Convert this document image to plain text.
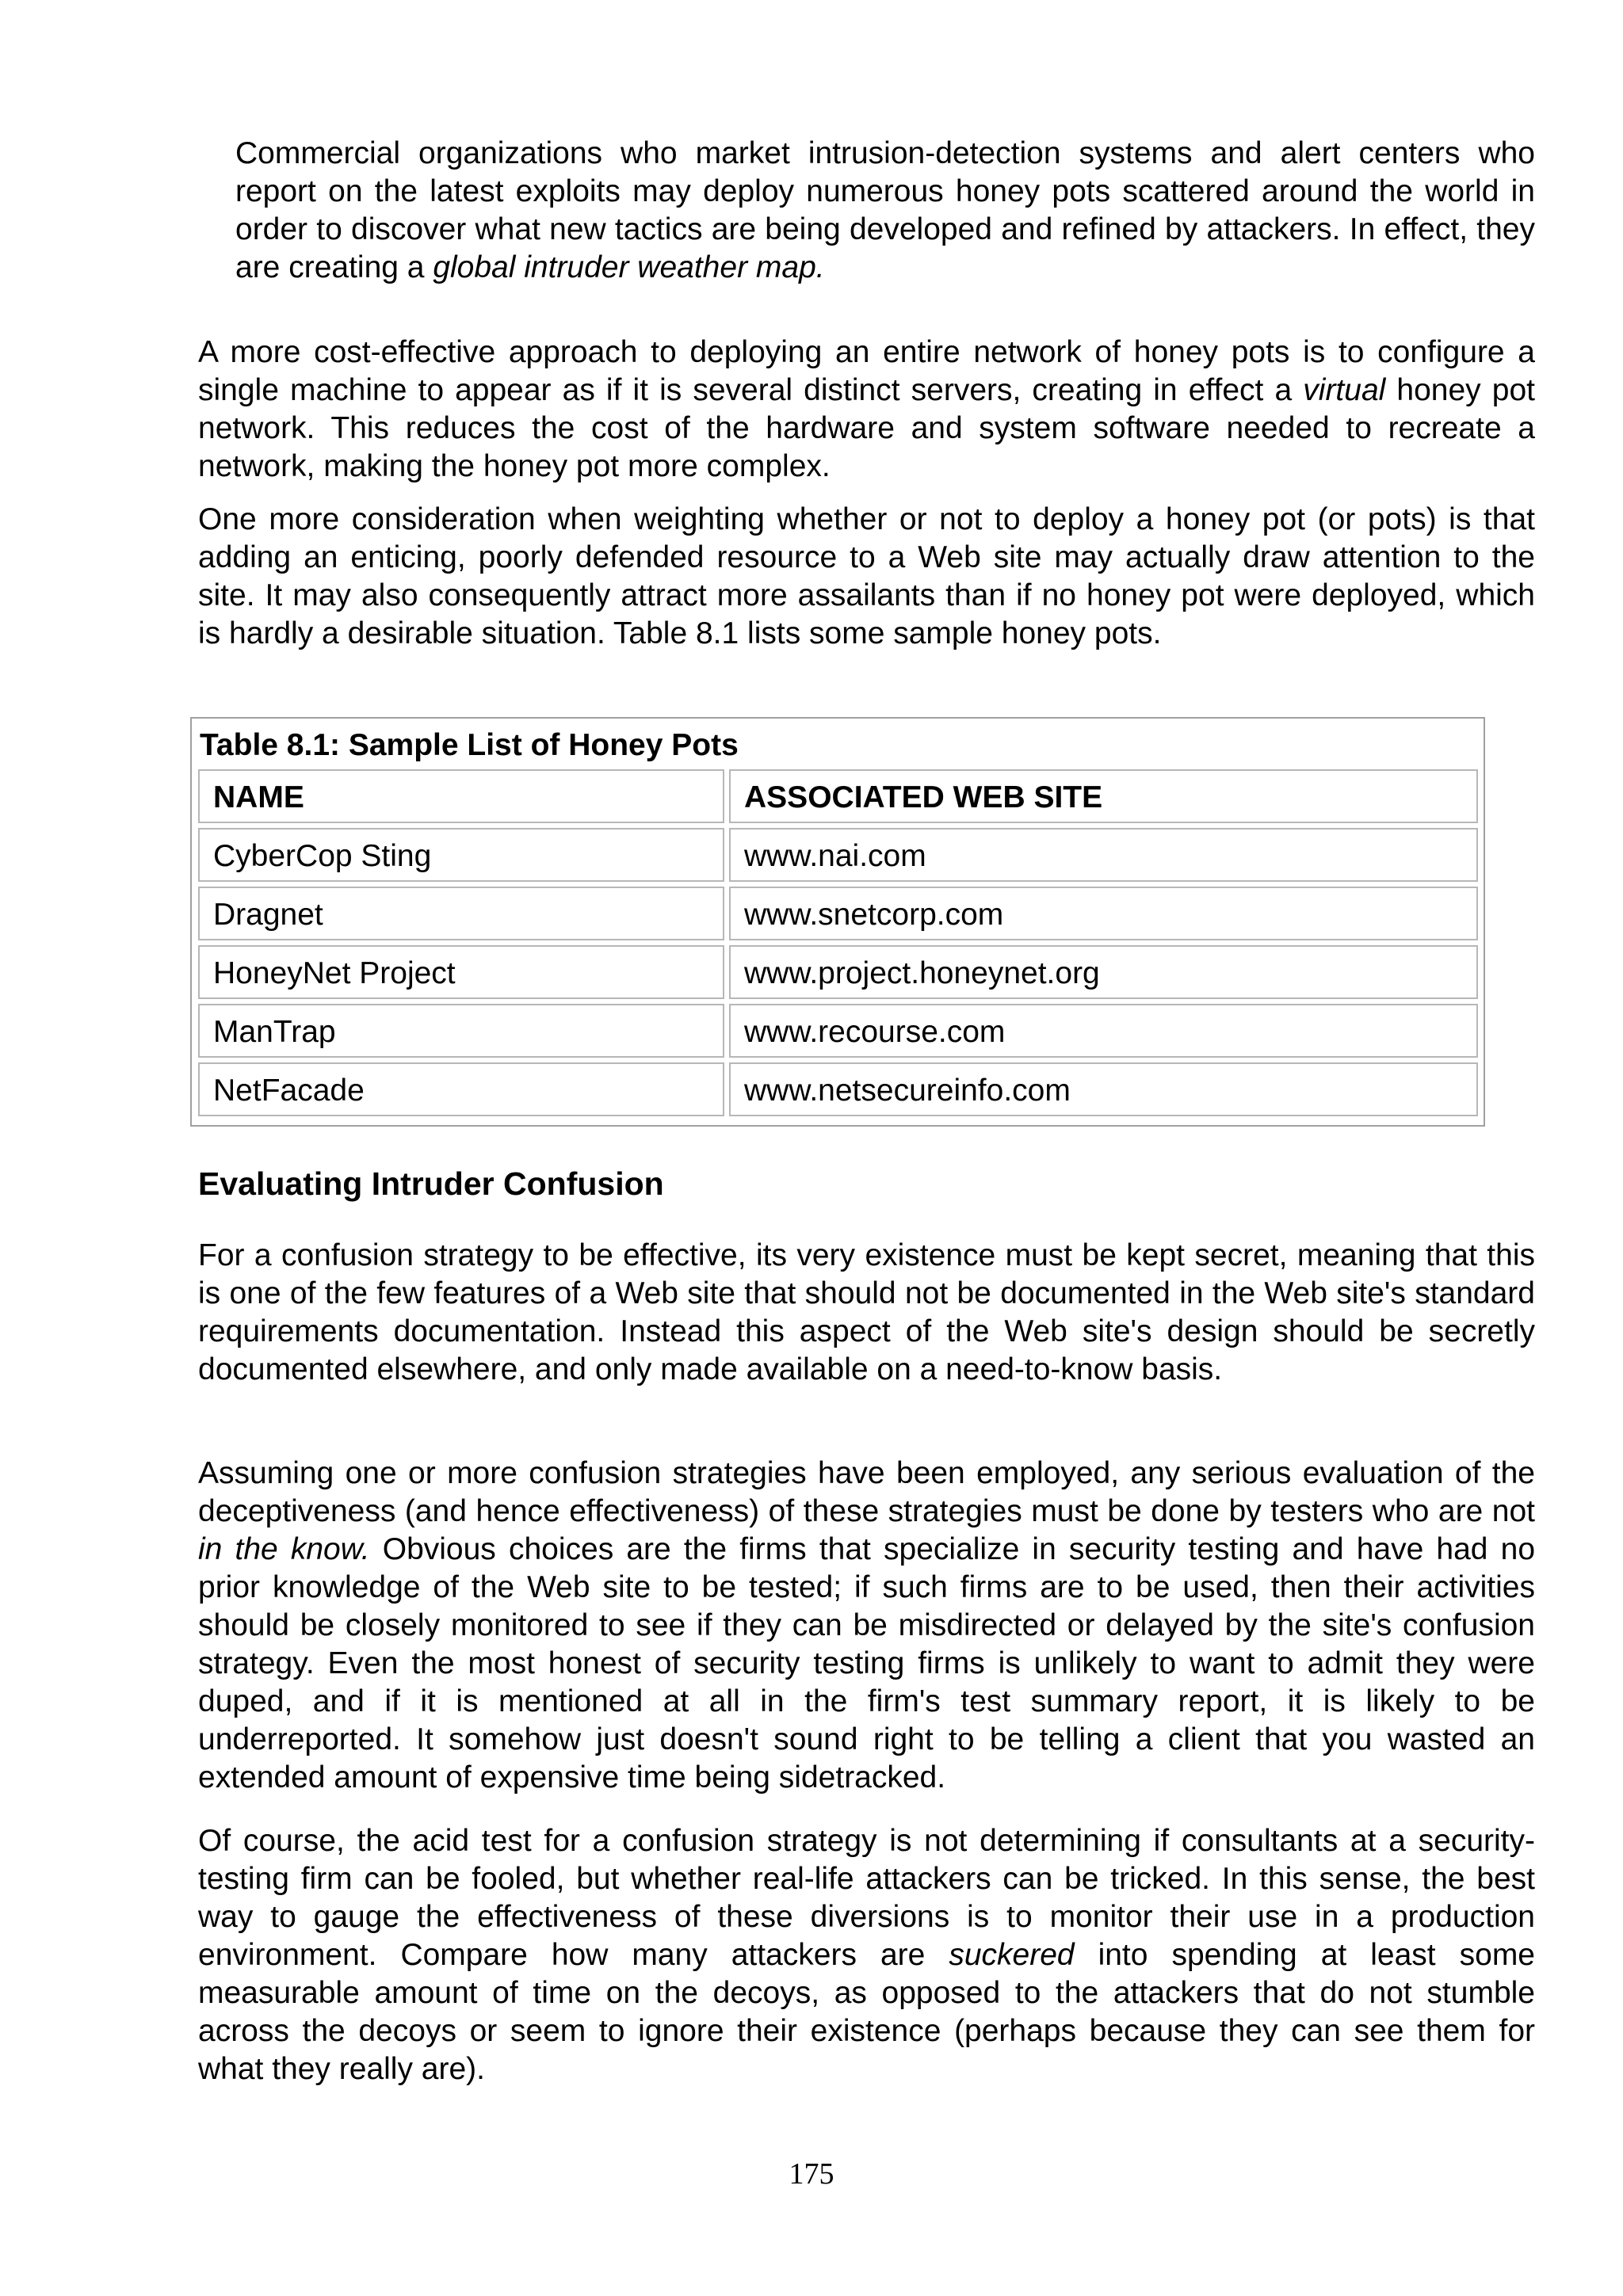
Commercial organizations who market intrusion-detection systems and alert centers who report on the latest exploits may deploy numerous honey pots scattered around the world in order to discover what new tactics are being developed and refined by attackers. In effect, they are creating a global intruder weather map.

A more cost-effective approach to deploying an entire network of honey pots is to configure a single machine to appear as if it is several distinct servers, creating in effect a virtual honey pot network. This reduces the cost of the hardware and system software needed to recreate a network, making the honey pot more complex.

One more consideration when weighting whether or not to deploy a honey pot (or pots) is that adding an enticing, poorly defended resource to a Web site may actually draw attention to the site. It may also consequently attract more assailants than if no honey pot were deployed, which is hardly a desirable situation. Table 8.1 lists some sample honey pots.

Table 8.1: Sample List of Honey Pots
NAME	ASSOCIATED WEB SITE
CyberCop Sting	www.nai.com
Dragnet	www.snetcorp.com
HoneyNet Project	www.project.honeynet.org
ManTrap	www.recourse.com
NetFacade	www.netsecureinfo.com
Evaluating Intruder Confusion

For a confusion strategy to be effective, its very existence must be kept secret, meaning that this is one of the few features of a Web site that should not be documented in the Web site's standard requirements documentation. Instead this aspect of the Web site's design should be secretly documented elsewhere, and only made available on a need-to-know basis.

Assuming one or more confusion strategies have been employed, any serious evaluation of the deceptiveness (and hence effectiveness) of these strategies must be done by testers who are not in the know. Obvious choices are the firms that specialize in security testing and have had no prior knowledge of the Web site to be tested; if such firms are to be used, then their activities should be closely monitored to see if they can be misdirected or delayed by the site's confusion strategy. Even the most honest of security testing firms is unlikely to want to admit they were duped, and if it is mentioned at all in the firm's test summary report, it is likely to be underreported. It somehow just doesn't sound right to be telling a client that you wasted an extended amount of expensive time being sidetracked.

Of course, the acid test for a confusion strategy is not determining if consultants at a security-testing firm can be fooled, but whether real-life attackers can be tricked. In this sense, the best way to gauge the effectiveness of these diversions is to monitor their use in a production environment. Compare how many attackers are suckered into spending at least some measurable amount of time on the decoys, as opposed to the attackers that do not stumble across the decoys or seem to ignore their existence (perhaps because they can see them for what they really are).

175
